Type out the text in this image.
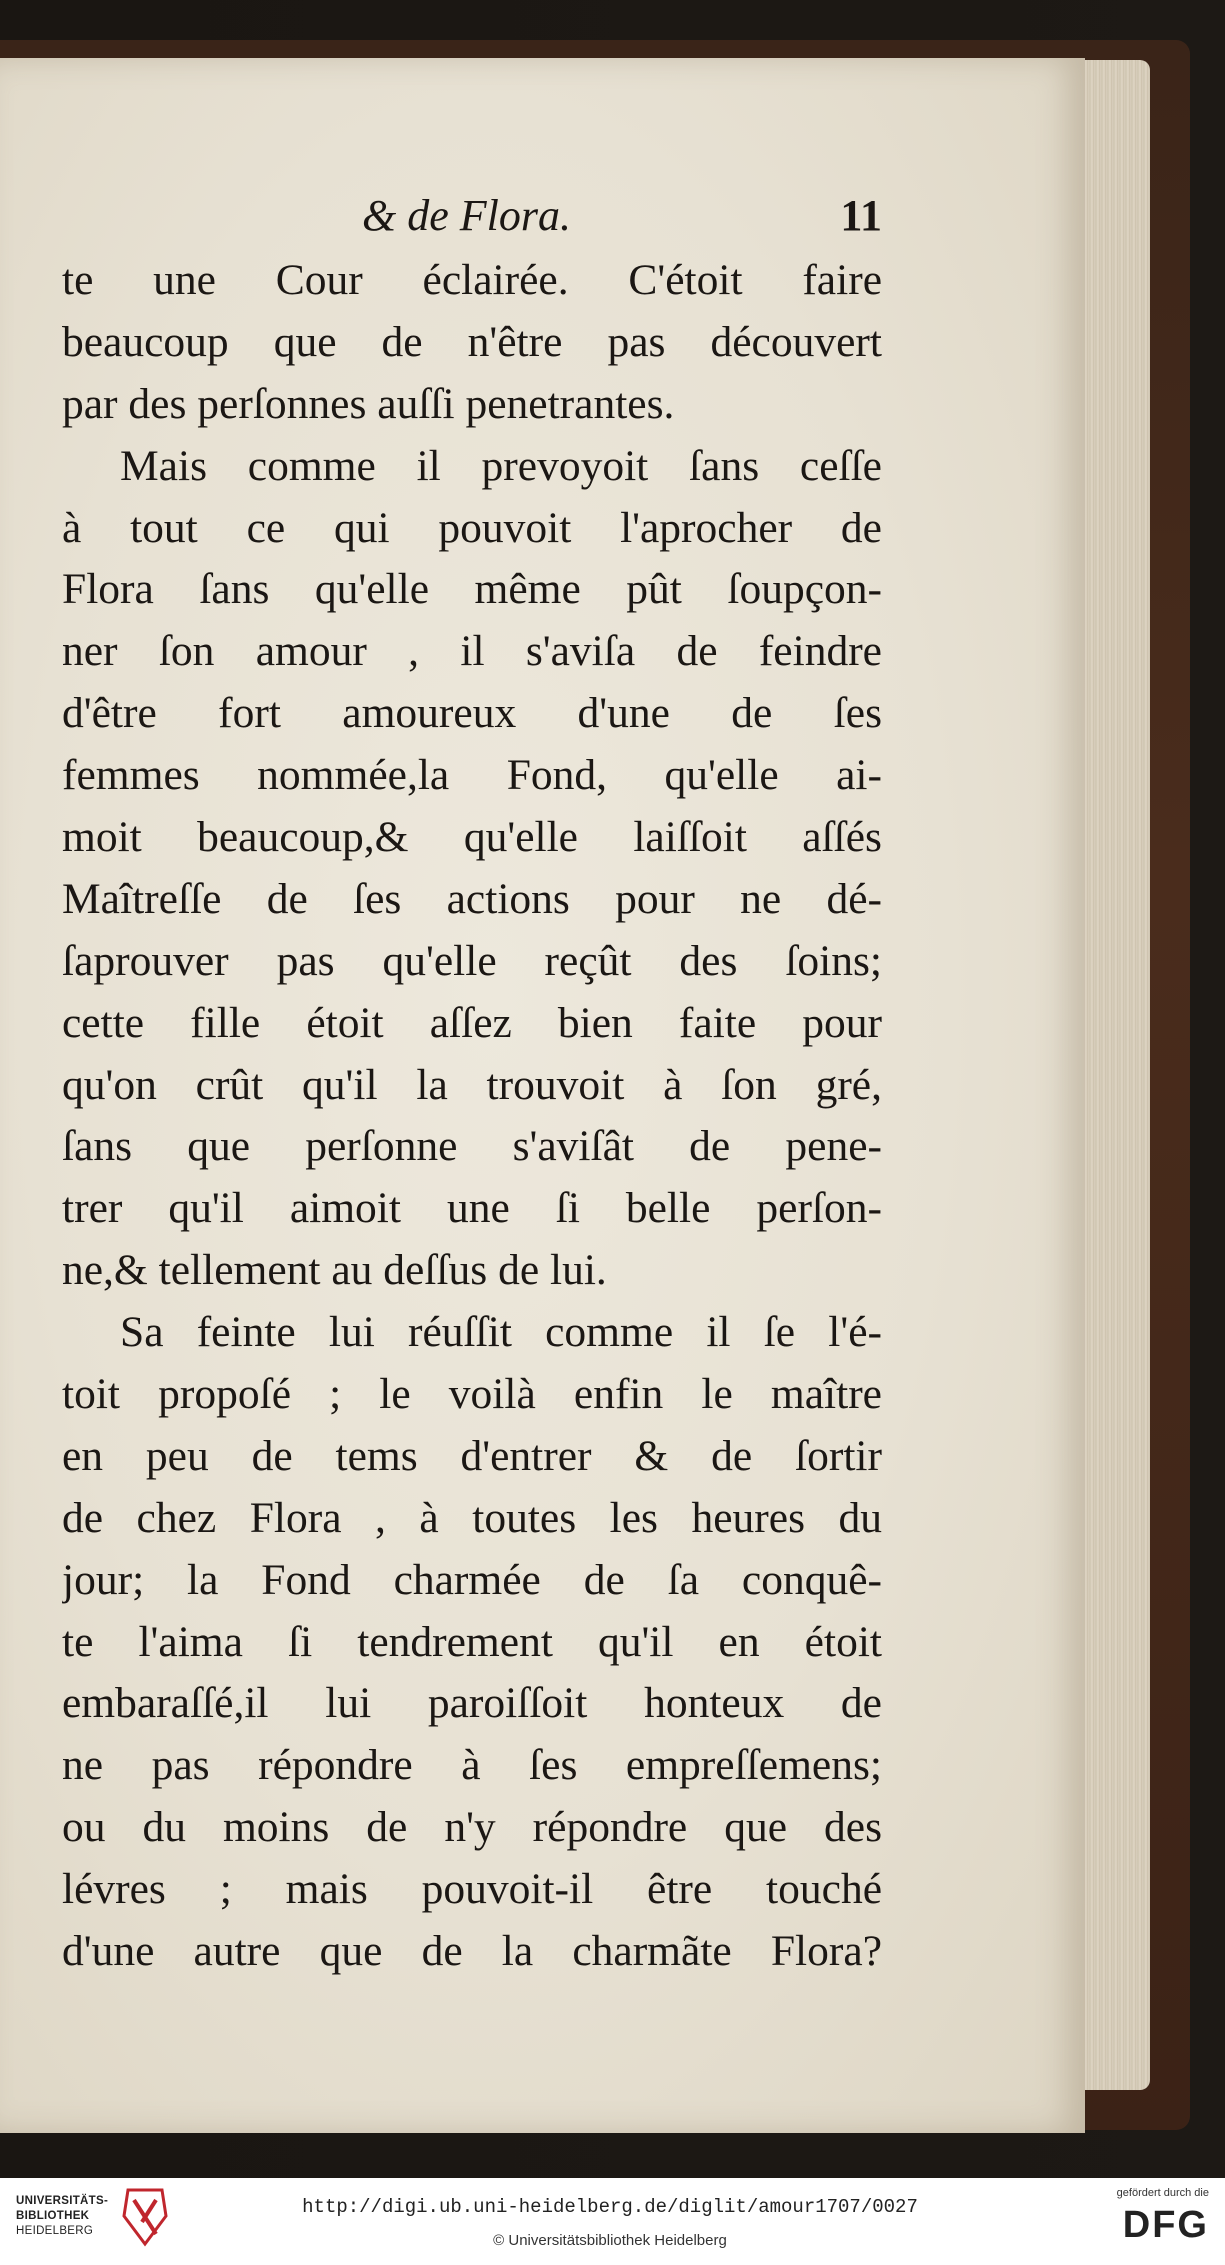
& de Flora.	11
te une Cour éclairée. C'étoit faire
beaucoup que de n'être pas découvert
par des perſonnes auſſi penetrantes.
Mais comme il prevoyoit ſans ceſſe
à tout ce qui pouvoit l'aprocher de
Flora ſans qu'elle même pût ſoupçon-
ner ſon amour , il s'aviſa de feindre
d'être fort amoureux d'une de ſes
femmes nommée,la Fond, qu'elle ai-
moit beaucoup,& qu'elle laiſſoit aſſés
Maîtreſſe de ſes actions pour ne dé-
ſaprouver pas qu'elle reçût des ſoins;
cette fille étoit aſſez bien faite pour
qu'on crût qu'il la trouvoit à ſon gré,
ſans que perſonne s'aviſât de pene-
trer qu'il aimoit une ſi belle perſon-
ne,& tellement au deſſus de lui.
Sa feinte lui réuſſit comme il ſe l'é-
toit propoſé ; le voilà enfin le maître
en peu de tems d'entrer & de ſortir
de chez Flora , à toutes les heures du
jour; la Fond charmée de ſa conquê-
te l'aima ſi tendrement qu'il en étoit
embaraſſé,il lui paroiſſoit honteux de
ne pas répondre à ſes empreſſemens;
ou du moins de n'y répondre que des
lévres ; mais pouvoit-il être touché
d'une autre que de la charmãte Flora?
UNIVERSITÄTS-
BIBLIOTHEK
HEIDELBERG
http://digi.ub.uni-heidelberg.de/diglit/amour1707/0027
© Universitätsbibliothek Heidelberg
gefördert durch die
DFG
